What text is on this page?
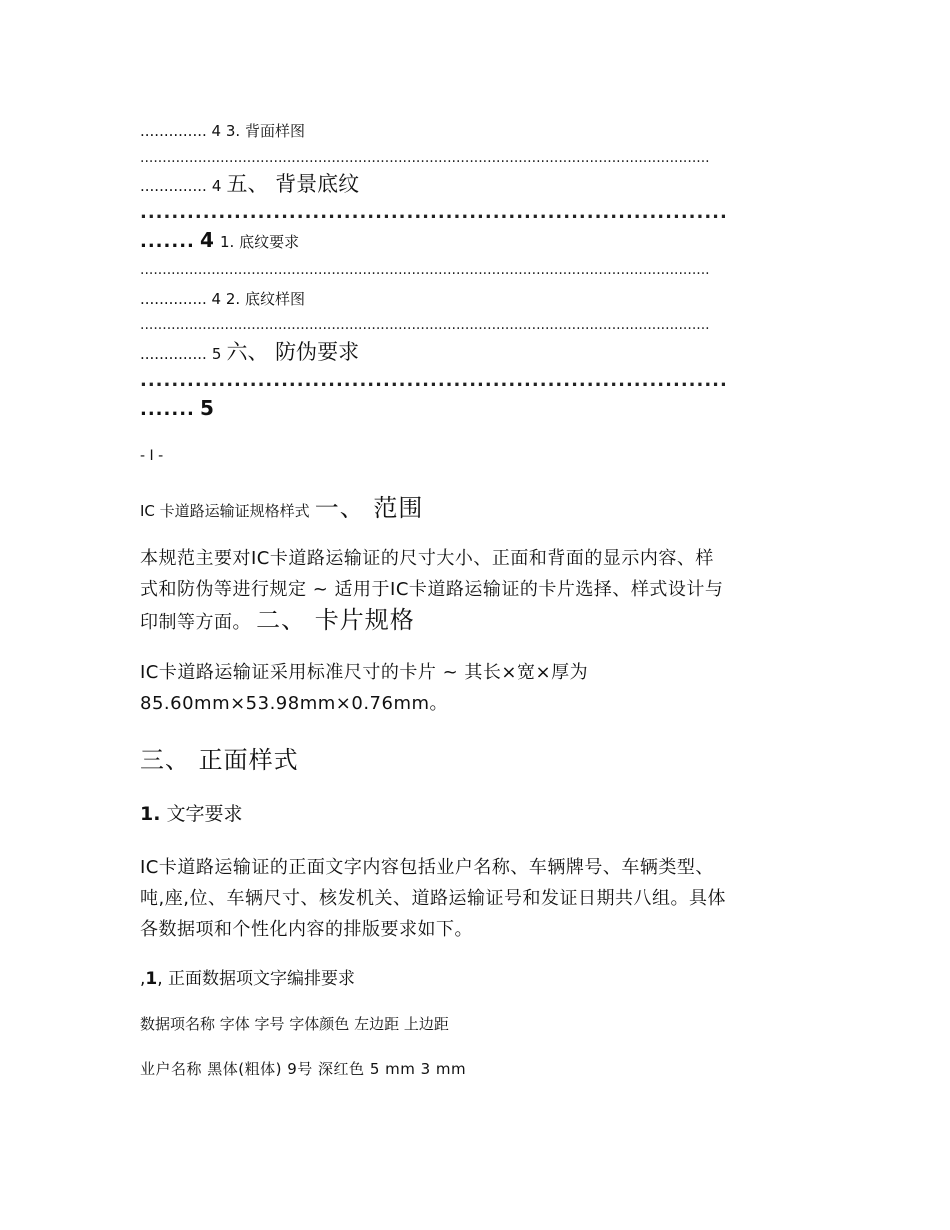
.............. 4 3. 背面样图

................................................................................................................................

.............. 4 五、 背景底纹

...........................................................................

....... 4 1. 底纹要求

................................................................................................................................

.............. 4 2. 底纹样图

................................................................................................................................

.............. 5 六、 防伪要求

...........................................................................

....... 5

- I -

IC 卡道路运输证规格样式 一、 范围

本规范主要对IC卡道路运输证的尺寸大小、正面和背面的显示内容、样

式和防伪等进行规定 ~ 适用于IC卡道路运输证的卡片选择、样式设计与

印制等方面。 二、 卡片规格

IC卡道路运输证采用标准尺寸的卡片 ~ 其长×宽×厚为

85.60mm×53.98mm×0.76mm。

三、 正面样式

1. 文字要求

IC卡道路运输证的正面文字内容包括业户名称、车辆牌号、车辆类型、

吨,座,位、车辆尺寸、核发机关、道路运输证号和发证日期共八组。具体

各数据项和个性化内容的排版要求如下。

,1, 正面数据项文字编排要求

数据项名称 字体 字号 字体颜色 左边距 上边距

业户名称 黑体(粗体) 9号 深红色 5 mm 3 mm
